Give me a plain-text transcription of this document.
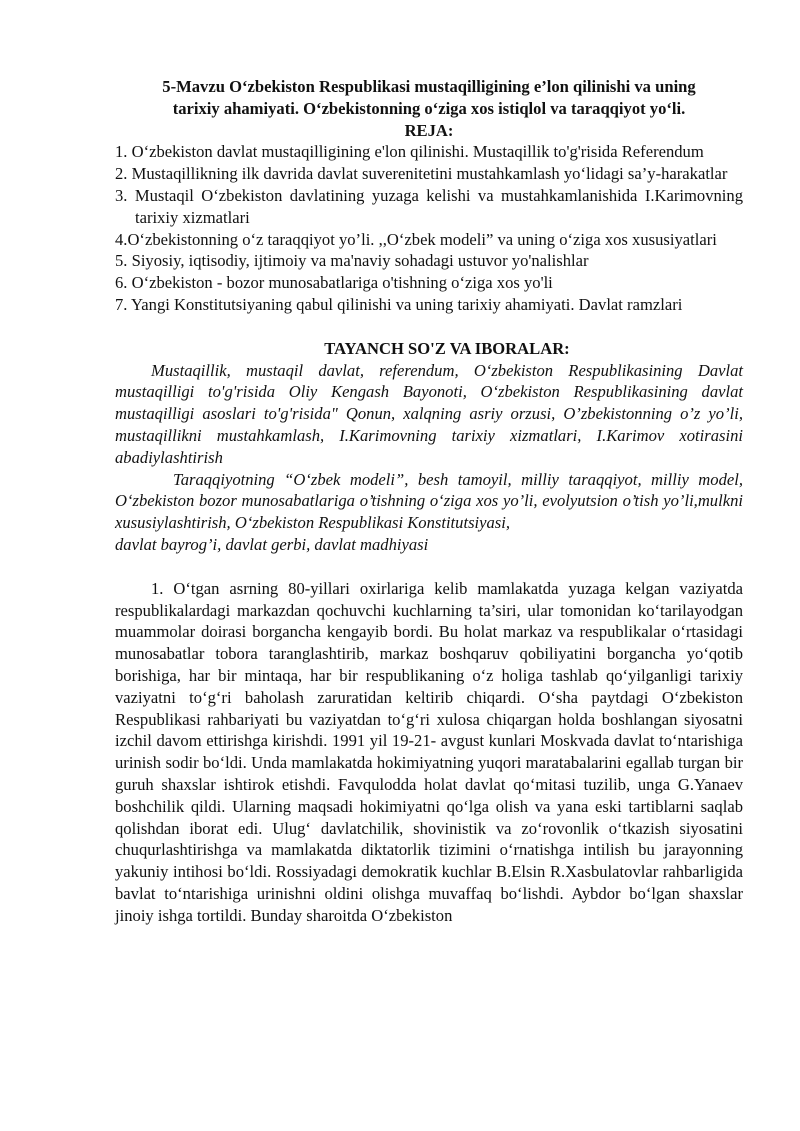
5-Mavzu O‘zbekiston Respublikasi mustaqilligining e’lon qilinishi va uning
tarixiy ahamiyati. O‘zbekistonning o‘ziga xos istiqlol va taraqqiyot yo‘li.
REJA:

1. O‘zbekiston davlat mustaqilligining e'lon qilinishi. Mustaqillik to'g'risida Referendum
2. Mustaqillikning ilk davrida davlat suverenitetini mustahkamlash yo‘lidagi sa’y-harakatlar
3. Mustaqil O‘zbekiston davlatining yuzaga kelishi va mustahkamlanishida I.Karimovning tarixiy xizmatlari
4.O‘zbekistonning o‘z taraqqiyot yo’li. ,,O‘zbek modeli” va uning o‘ziga xos xususiyatlari
5. Siyosiy, iqtisodiy, ijtimoiy va ma'naviy sohadagi ustuvor yo'nalishlar
6. O‘zbekiston - bozor munosabatlariga o'tishning o‘ziga xos yo'li
7. Yangi Konstitutsiyaning qabul qilinishi va uning tarixiy ahamiyati. Davlat ramzlari

TAYANCH SO'Z VA IBORALAR:

Mustaqillik, mustaqil davlat, referendum, O‘zbekiston Respublikasining Davlat mustaqilligi to'g'risida Oliy Kengash Bayonoti, O‘zbekiston Respublikasining davlat mustaqilligi asoslari to'g'risida" Qonun, xalqning asriy orzusi, O’zbekistonning o’z yo’li, mustaqillikni mustahkamlash, I.Karimovning tarixiy xizmatlari, I.Karimov xotirasini abadiylashtirish

Taraqqiyotning “O‘zbek modeli”, besh tamoyil, milliy taraqqiyot, milliy model, O‘zbekiston bozor munosabatlariga o’tishning o‘ziga xos yo’li, evolyutsion o’tish yo’li,mulkni xususiylashtirish, O‘zbekiston Respublikasi Konstitutsiyasi,

davlat bayrog’i, davlat gerbi, davlat madhiyasi

1. O‘tgan asrning 80-yillari oxirlariga kelib mamlakatda yuzaga kelgan vaziyatda respublikalardagi markazdan qochuvchi kuchlarning ta’siri, ular tomonidan ko‘tarilayodgan muammolar doirasi borgancha kengayib bordi. Bu holat markaz va respublikalar o‘rtasidagi munosabatlar tobora taranglashtirib, markaz boshqaruv qobiliyatini borgancha yo‘qotib borishiga, har bir mintaqa, har bir respublikaning o‘z holiga tashlab qo‘yilganligi tarixiy vaziyatni to‘g‘ri baholash zaruratidan keltirib chiqardi. O‘sha paytdagi O‘zbekiston Respublikasi rahbariyati bu vaziyatdan to‘g‘ri xulosa chiqargan holda boshlangan siyosatni izchil davom ettirishga kirishdi. 1991 yil 19-21- avgust kunlari Moskvada davlat to‘ntarishiga urinish sodir bo‘ldi. Unda mamlakatda hokimiyatning yuqori maratabalarini egallab turgan bir guruh shaxslar ishtirok etishdi. Favqulodda holat davlat qo‘mitasi tuzilib, unga G.Yanaev boshchilik qildi. Ularning maqsadi hokimiyatni qo‘lga olish va yana eski tartiblarni saqlab qolishdan iborat edi. Ulug‘ davlatchilik, shovinistik va zo‘rovonlik o‘tkazish siyosatini chuqurlashtirishga va mamlakatda diktatorlik tizimini o‘rnatishga intilish bu jarayonning yakuniy intihosi bo‘ldi. Rossiyadagi demokratik kuchlar B.Elsin R.Xasbulatovlar rahbarligida bavlat to‘ntarishiga urinishni oldini olishga muvaffaq bo‘lishdi. Aybdor bo‘lgan shaxslar jinoiy ishga tortildi. Bunday sharoitda O‘zbekiston
